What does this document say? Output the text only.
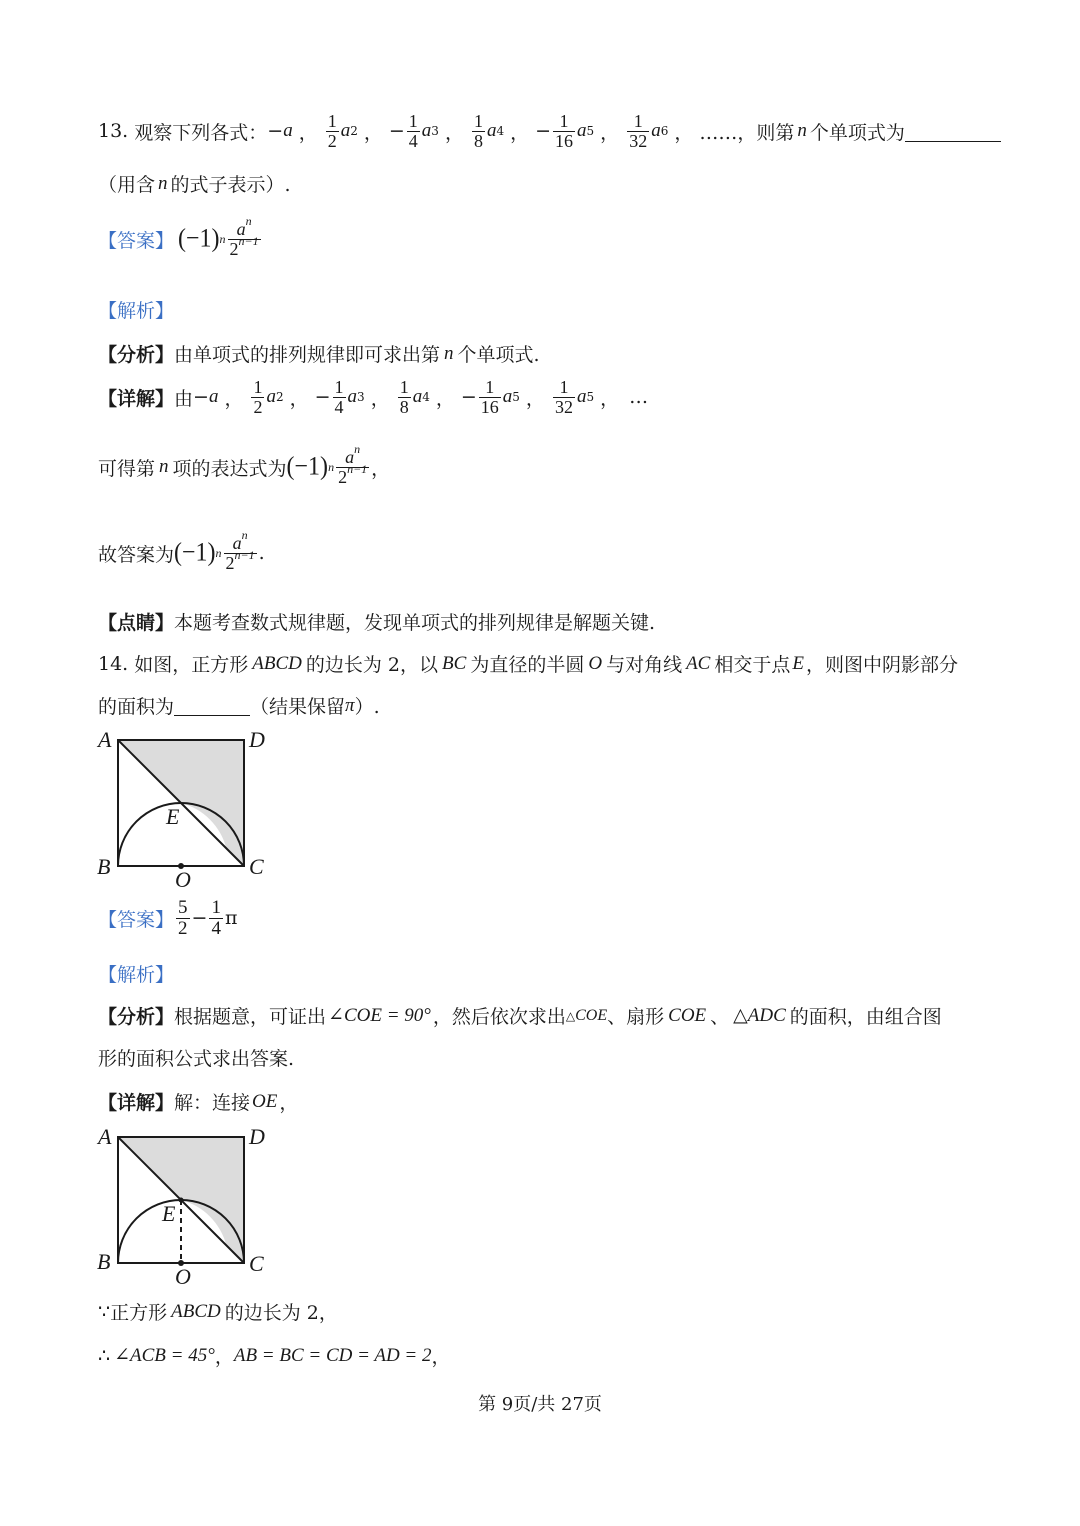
13.
观察下列各式： − a ， $\frac{1}{2}$ a 2 ， − $\frac{1}{4}$ a 3 ， $\frac{1}{8}$ a 4 ， − $\frac{1}{16}$ a 5 ， $\frac{1}{32}$ a 6 ， ……，则第 n 个单项式为
（用含 n 的式子表示）.
【答案】 (−1) n $\frac{a^n}{2^{n-1}}$
【解析】
【分析】 由单项式的排列规律即可求出第 n 个单项式.
【详解】 由 − a ， $\frac{1}{2}$ a 2 ， − $\frac{1}{4}$ a 3 ， $\frac{1}{8}$ a 4 ， − $\frac{1}{16}$ a 5 ， $\frac{1}{32}$ a 5 ， …
可得第 n 项的表达式为 (−1) n $\frac{a^n}{2^{n-1}}$ ，
故答案为 (−1) n $\frac{a^n}{2^{n-1}}$ .
【点睛】 本题考查数式规律题，发现单项式的排列规律是解题关键.
14.
如图，正方形 ABCD 的边长为 2，以 BC 为直径的半圆 O 与对角线 AC 相交于点 E ，则图中阴影部分
的面积为	（结果保留 π ）.
A	D
E
B	C
O
【答案】 $\frac{5}{2} - \frac{1}{4}$ π
【解析】
【分析】 根据题意，可证出 ∠COE = 90° ，然后依次求出 △ COE 、扇形 COE 、 △ADC 的面积，由组合图
形的面积公式求出答案.
【详解】 解：连接 OE ，
A	D
E
B	C
O
∵ 正方形 ABCD 的边长为 2，
∴ ∠ACB = 45° ， AB = BC = CD = AD = 2 ，
第 9页/共 27页
